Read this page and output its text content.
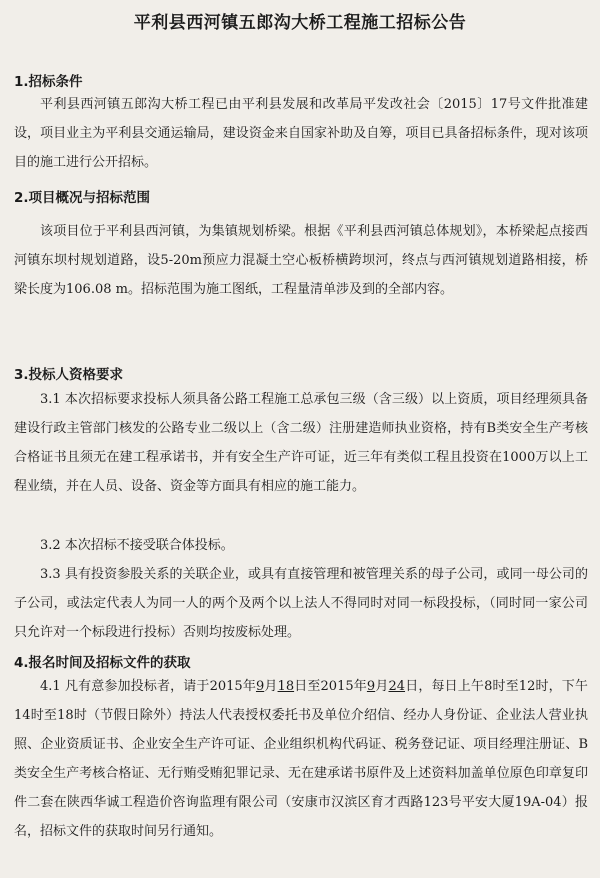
平利县西河镇五郎沟大桥工程施工招标公告
1.招标条件

平利县西河镇五郎沟大桥工程已由平利县发展和改革局平发改社会〔2015〕17号文件批准建设，项目业主为平利县交通运输局，建设资金来自国家补助及自筹，项目已具备招标条件，现对该项目的施工进行公开招标。

2.项目概况与招标范围

该项目位于平利县西河镇，为集镇规划桥梁。根据《平利县西河镇总体规划》，本桥梁起点接西河镇东坝村规划道路，设5-20m预应力混凝土空心板桥横跨坝河，终点与西河镇规划道路相接，桥梁长度为106.08 m。招标范围为施工图纸，工程量清单涉及到的全部内容。

3.投标人资格要求

3.1 本次招标要求投标人须具备公路工程施工总承包三级（含三级）以上资质，项目经理须具备建设行政主管部门核发的公路专业二级以上（含二级）注册建造师执业资格，持有B类安全生产考核合格证书且须无在建工程承诺书，并有安全生产许可证，近三年有类似工程且投资在1000万以上工程业绩，并在人员、设备、资金等方面具有相应的施工能力。

3.2 本次招标不接受联合体投标。

3.3 具有投资参股关系的关联企业，或具有直接管理和被管理关系的母子公司，或同一母公司的子公司，或法定代表人为同一人的两个及两个以上法人不得同时对同一标段投标，（同时同一家公司只允许对一个标段进行投标）否则均按废标处理。

4.报名时间及招标文件的获取

4.1 凡有意参加投标者，请于2015年9月18日至2015年9月24日，每日上午8时至12时，下午14时至18时（节假日除外）持法人代表授权委托书及单位介绍信、经办人身份证、企业法人营业执照、企业资质证书、企业安全生产许可证、企业组织机构代码证、税务登记证、项目经理注册证、B类安全生产考核合格证、无行贿受贿犯罪记录、无在建承诺书原件及上述资料加盖单位原色印章复印件二套在陕西华诚工程造价咨询监理有限公司（安康市汉滨区育才西路123号平安大厦19A-04）报名，招标文件的获取时间另行通知。
